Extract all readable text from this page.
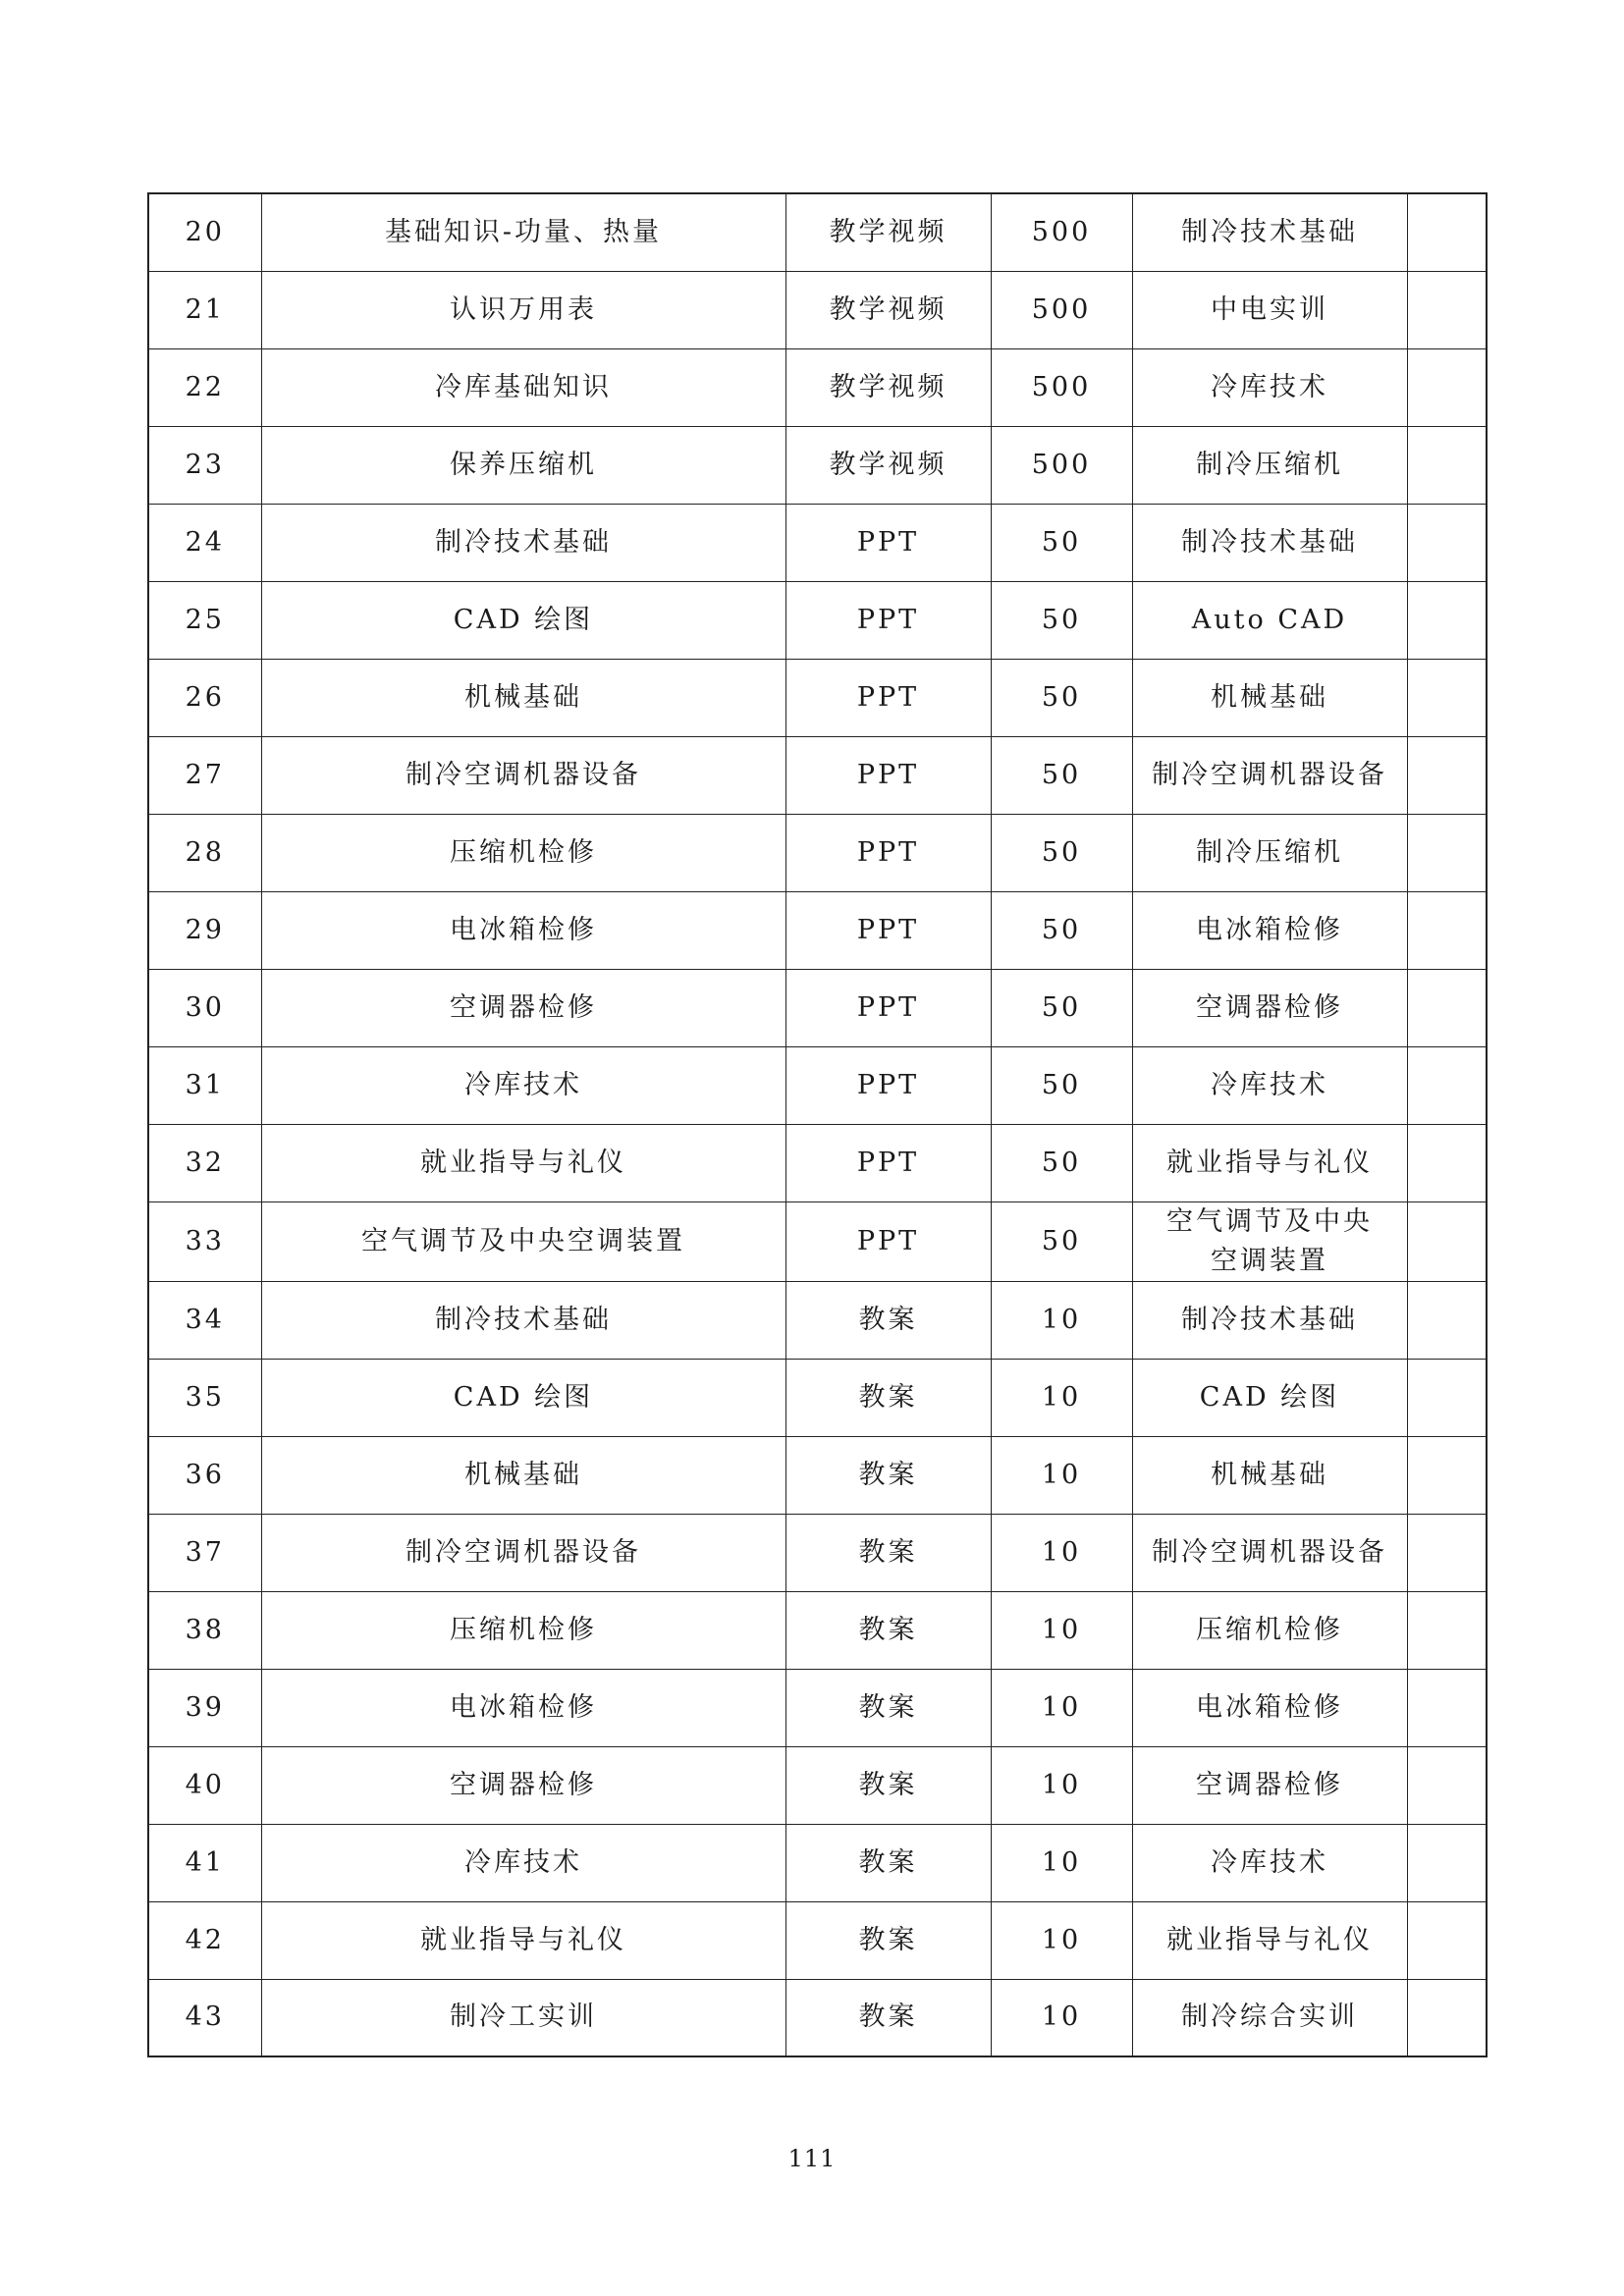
20	基础知识-功量、热量	教学视频	500	制冷技术基础	
21	认识万用表	教学视频	500	中电实训	
22	冷库基础知识	教学视频	500	冷库技术	
23	保养压缩机	教学视频	500	制冷压缩机	
24	制冷技术基础	PPT	50	制冷技术基础	
25	CAD 绘图	PPT	50	Auto CAD	
26	机械基础	PPT	50	机械基础	
27	制冷空调机器设备	PPT	50	制冷空调机器设备	
28	压缩机检修	PPT	50	制冷压缩机	
29	电冰箱检修	PPT	50	电冰箱检修	
30	空调器检修	PPT	50	空调器检修	
31	冷库技术	PPT	50	冷库技术	
32	就业指导与礼仪	PPT	50	就业指导与礼仪	
33	空气调节及中央空调装置	PPT	50	空气调节及中央空调装置	
34	制冷技术基础	教案	10	制冷技术基础	
35	CAD 绘图	教案	10	CAD 绘图	
36	机械基础	教案	10	机械基础	
37	制冷空调机器设备	教案	10	制冷空调机器设备	
38	压缩机检修	教案	10	压缩机检修	
39	电冰箱检修	教案	10	电冰箱检修	
40	空调器检修	教案	10	空调器检修	
41	冷库技术	教案	10	冷库技术	
42	就业指导与礼仪	教案	10	就业指导与礼仪	
43	制冷工实训	教案	10	制冷综合实训	
111
